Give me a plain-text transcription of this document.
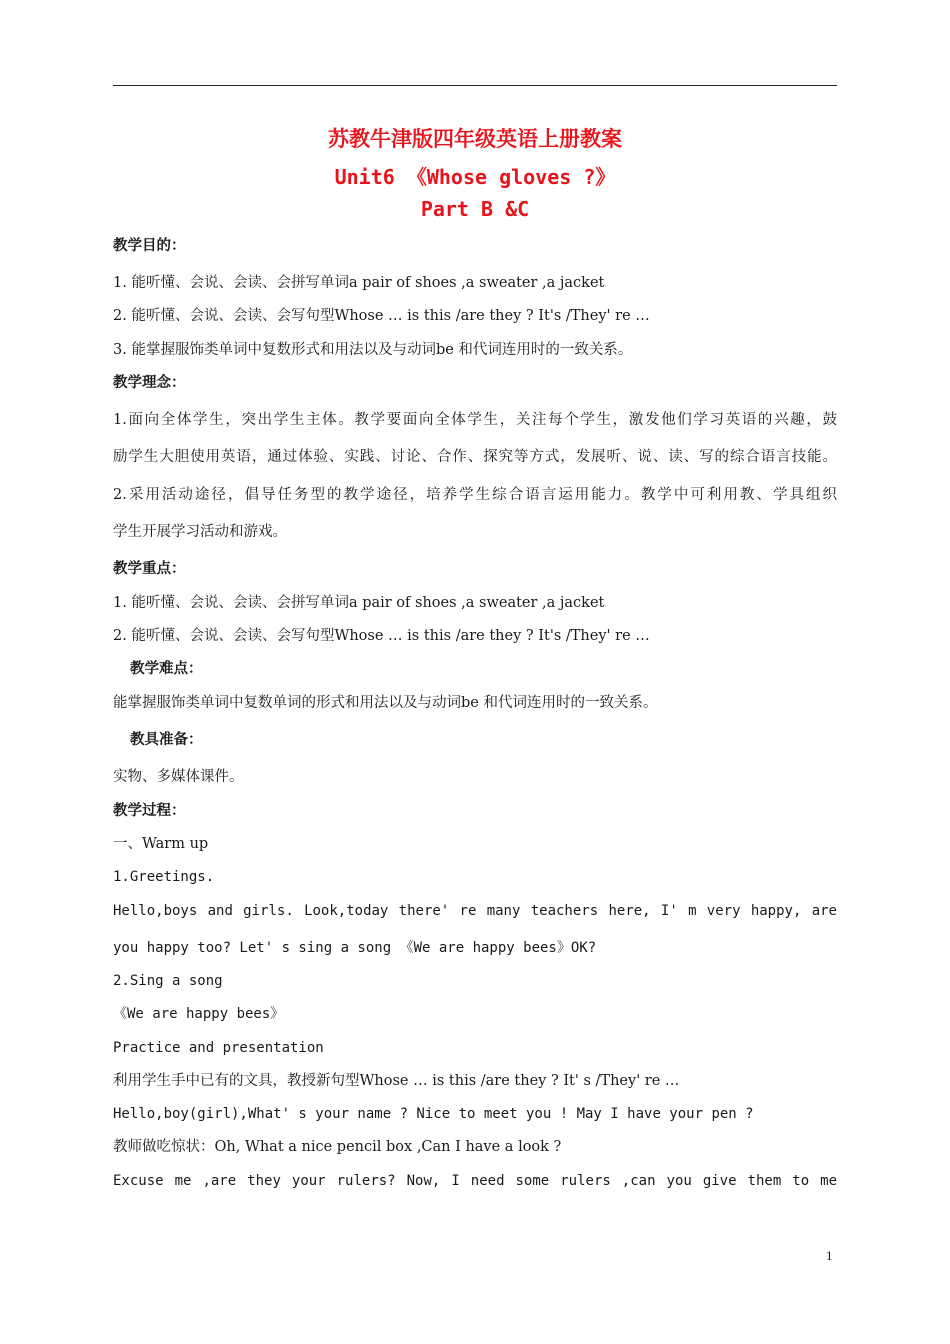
苏教牛津版四年级英语上册教案
Unit6 《Whose gloves ?》
Part B &C
教学目的：
1. 能听懂、会说、会读、会拼写单词a pair of shoes ,a sweater ,a jacket
2. 能听懂、会说、会读、会写句型Whose … is this /are they ? It's /They' re …
3. 能掌握服饰类单词中复数形式和用法以及与动词be 和代词连用时的一致关系。
教学理念：
1.面向全体学生，突出学生主体。教学要面向全体学生，关注每个学生，激发他们学习英语的兴趣，鼓
励学生大胆使用英语，通过体验、实践、讨论、合作、探究等方式，发展听、说、读、写的综合语言技能。
2.采用活动途径，倡导任务型的教学途径，培养学生综合语言运用能力。教学中可利用教、学具组织
学生开展学习活动和游戏。
教学重点：
1. 能听懂、会说、会读、会拼写单词a pair of shoes ,a sweater ,a jacket
2. 能听懂、会说、会读、会写句型Whose … is this /are they ? It's /They' re …
教学难点：
能掌握服饰类单词中复数单词的形式和用法以及与动词be 和代词连用时的一致关系。
教具准备：
实物、多媒体课件。
教学过程：
一、Warm up
1.Greetings.
Hello,boys and girls. Look,today there' re many teachers here, I' m very happy, are
you happy too? Let' s sing a song 《We are happy bees》OK?
2.Sing a song
《We are happy bees》
Practice and presentation
利用学生手中已有的文具，教授新句型Whose … is this /are they ? It' s /They' re …
Hello,boy(girl),What' s your name ? Nice to meet you ! May I have your pen ?
教师做吃惊状：Oh, What a nice pencil box ,Can I have a look ?
Excuse me ,are they your rulers? Now, I need some rulers ,can you give them to me
1
